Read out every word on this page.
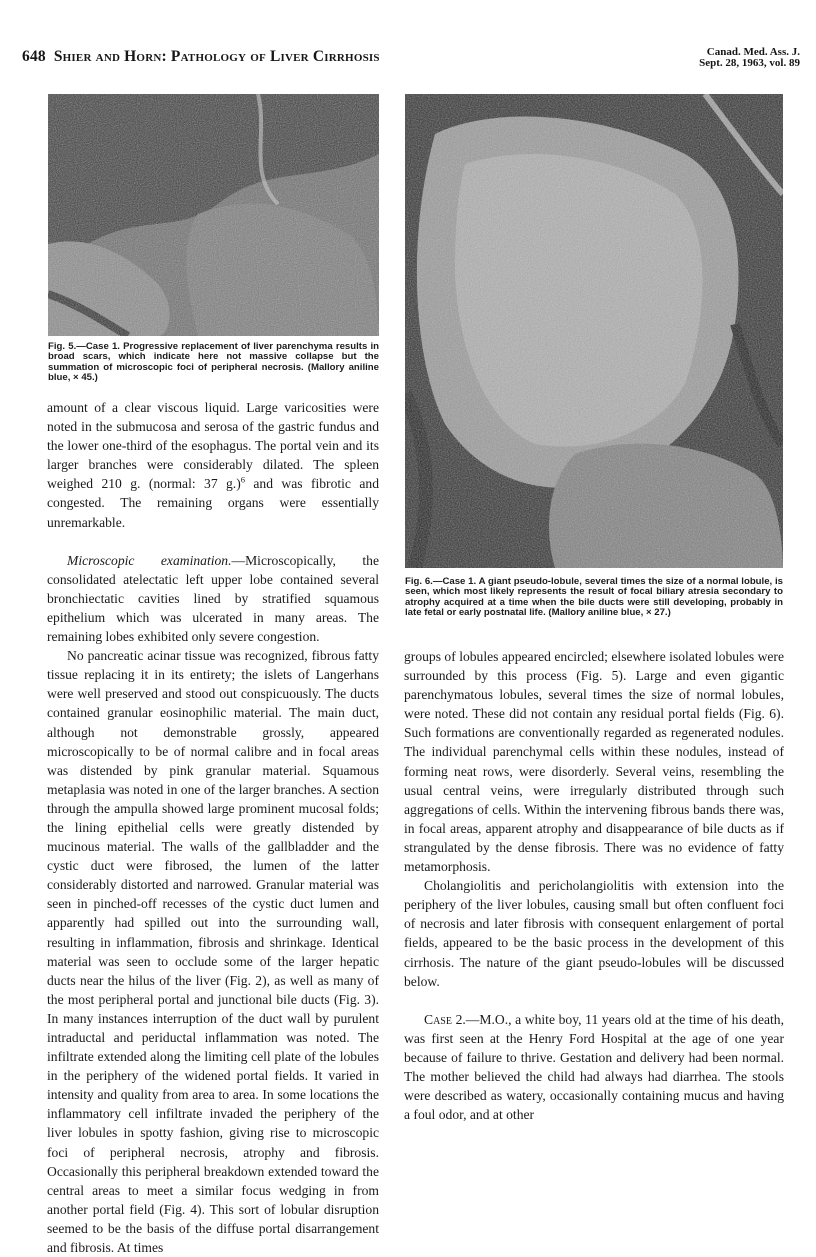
648 Shier and Horn: Pathology of Liver Cirrhosis	Canad. Med. Ass. J.
Sept. 28, 1963, vol. 89
Fig. 5.—Case 1. Progressive replacement of liver parenchyma results in broad scars, which indicate here not massive collapse but the summation of microscopic foci of peripheral necrosis. (Mallory aniline blue, × 45.)
Fig. 6.—Case 1. A giant pseudo-lobule, several times the size of a normal lobule, is seen, which most likely represents the result of focal biliary atresia secondary to atrophy acquired at a time when the bile ducts were still developing, probably in late fetal or early postnatal life. (Mallory aniline blue, × 27.)

amount of a clear viscous liquid. Large varicosities were noted in the submucosa and serosa of the gastric fundus and the lower one-third of the esophagus. The portal vein and its larger branches were considerably dilated. The spleen weighed 210 g. (normal: 37 g.)$^6$ and was fibrotic and congested. The remaining organs were essentially unremarkable.

Microscopic examination.—Microscopically, the consolidated atelectatic left upper lobe contained several bronchiectatic cavities lined by stratified squamous epithelium which was ulcerated in many areas. The remaining lobes exhibited only severe congestion.

No pancreatic acinar tissue was recognized, fibrous fatty tissue replacing it in its entirety; the islets of Langerhans were well preserved and stood out conspicuously. The ducts contained granular eosinophilic material. The main duct, although not demonstrable grossly, appeared microscopically to be of normal calibre and in focal areas was distended by pink granular material. Squamous metaplasia was noted in one of the larger branches. A section through the ampulla showed large prominent mucosal folds; the lining epithelial cells were greatly distended by mucinous material. The walls of the gallbladder and the cystic duct were fibrosed, the lumen of the latter considerably distorted and narrowed. Granular material was seen in pinched-off recesses of the cystic duct lumen and apparently had spilled out into the surrounding wall, resulting in inflammation, fibrosis and shrinkage. Identical material was seen to occlude some of the larger hepatic ducts near the hilus of the liver (Fig. 2), as well as many of the most peripheral portal and junctional bile ducts (Fig. 3). In many instances interruption of the duct wall by purulent intraductal and periductal inflammation was noted. The infiltrate extended along the limiting cell plate of the lobules in the periphery of the widened portal fields. It varied in intensity and quality from area to area. In some locations the inflammatory cell infiltrate invaded the periphery of the liver lobules in spotty fashion, giving rise to microscopic foci of peripheral necrosis, atrophy and fibrosis. Occasionally this peripheral breakdown extended toward the central areas to meet a similar focus wedging in from another portal field (Fig. 4). This sort of lobular disruption seemed to be the basis of the diffuse portal disarrangement and fibrosis. At times

groups of lobules appeared encircled; elsewhere isolated lobules were surrounded by this process (Fig. 5). Large and even gigantic parenchymatous lobules, several times the size of normal lobules, were noted. These did not contain any residual portal fields (Fig. 6). Such formations are conventionally regarded as regenerated nodules. The individual parenchymal cells within these nodules, instead of forming neat rows, were disorderly. Several veins, resembling the usual central veins, were irregularly distributed through such aggregations of cells. Within the intervening fibrous bands there was, in focal areas, apparent atrophy and disappearance of bile ducts as if strangulated by the dense fibrosis. There was no evidence of fatty metamorphosis.

Cholangiolitis and pericholangiolitis with extension into the periphery of the liver lobules, causing small but often confluent foci of necrosis and later fibrosis with consequent enlargement of portal fields, appeared to be the basic process in the development of this cirrhosis. The nature of the giant pseudo-lobules will be discussed below.

Case 2.—M.O., a white boy, 11 years old at the time of his death, was first seen at the Henry Ford Hospital at the age of one year because of failure to thrive. Gestation and delivery had been normal. The mother believed the child had always had diarrhea. The stools were described as watery, occasionally containing mucus and having a foul odor, and at other
